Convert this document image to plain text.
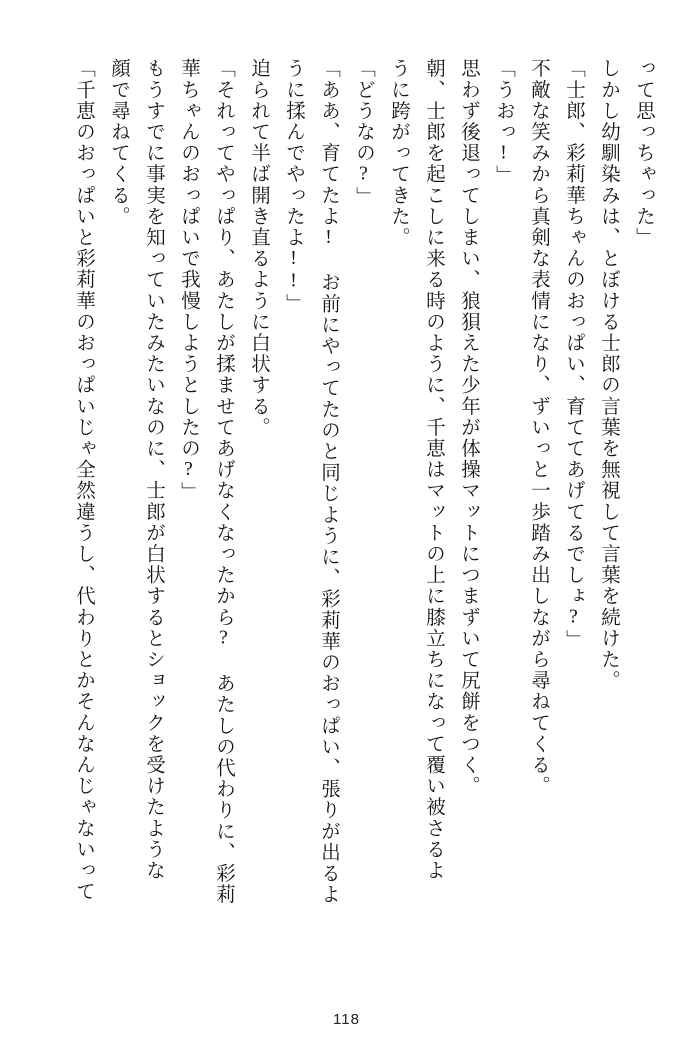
って思っちゃった」
しかし幼馴染みは、とぼける士郎の言葉を無視して言葉を続けた。
「士郎、彩莉華ちゃんのおっぱい、育ててあげてるでしょ?」
不敵な笑みから真剣な表情になり、ずいっと一歩踏み出しながら尋ねてくる。
「うおっ!」
思わず後退ってしまい、狼狽えた少年が体操マットにつまずいて尻餅をつく。
朝、士郎を起こしに来る時のように、千恵はマットの上に膝立ちになって覆い被さるよ
うに跨がってきた。
「どうなの?」
「ああ、育てたよ! お前にやってたのと同じように、彩莉華のおっぱい、張りが出るよ
うに揉んでやったよ!!」
迫られて半ば開き直るように白状する。
「それってやっぱり、あたしが揉ませてあげなくなったから? あたしの代わりに、彩莉
華ちゃんのおっぱいで我慢しようとしたの?」
もうすでに事実を知っていたみたいなのに、士郎が白状するとショックを受けたような
顔で尋ねてくる。
「千恵のおっぱいと彩莉華のおっぱいじゃ全然違うし、代わりとかそんなんじゃないって
118
